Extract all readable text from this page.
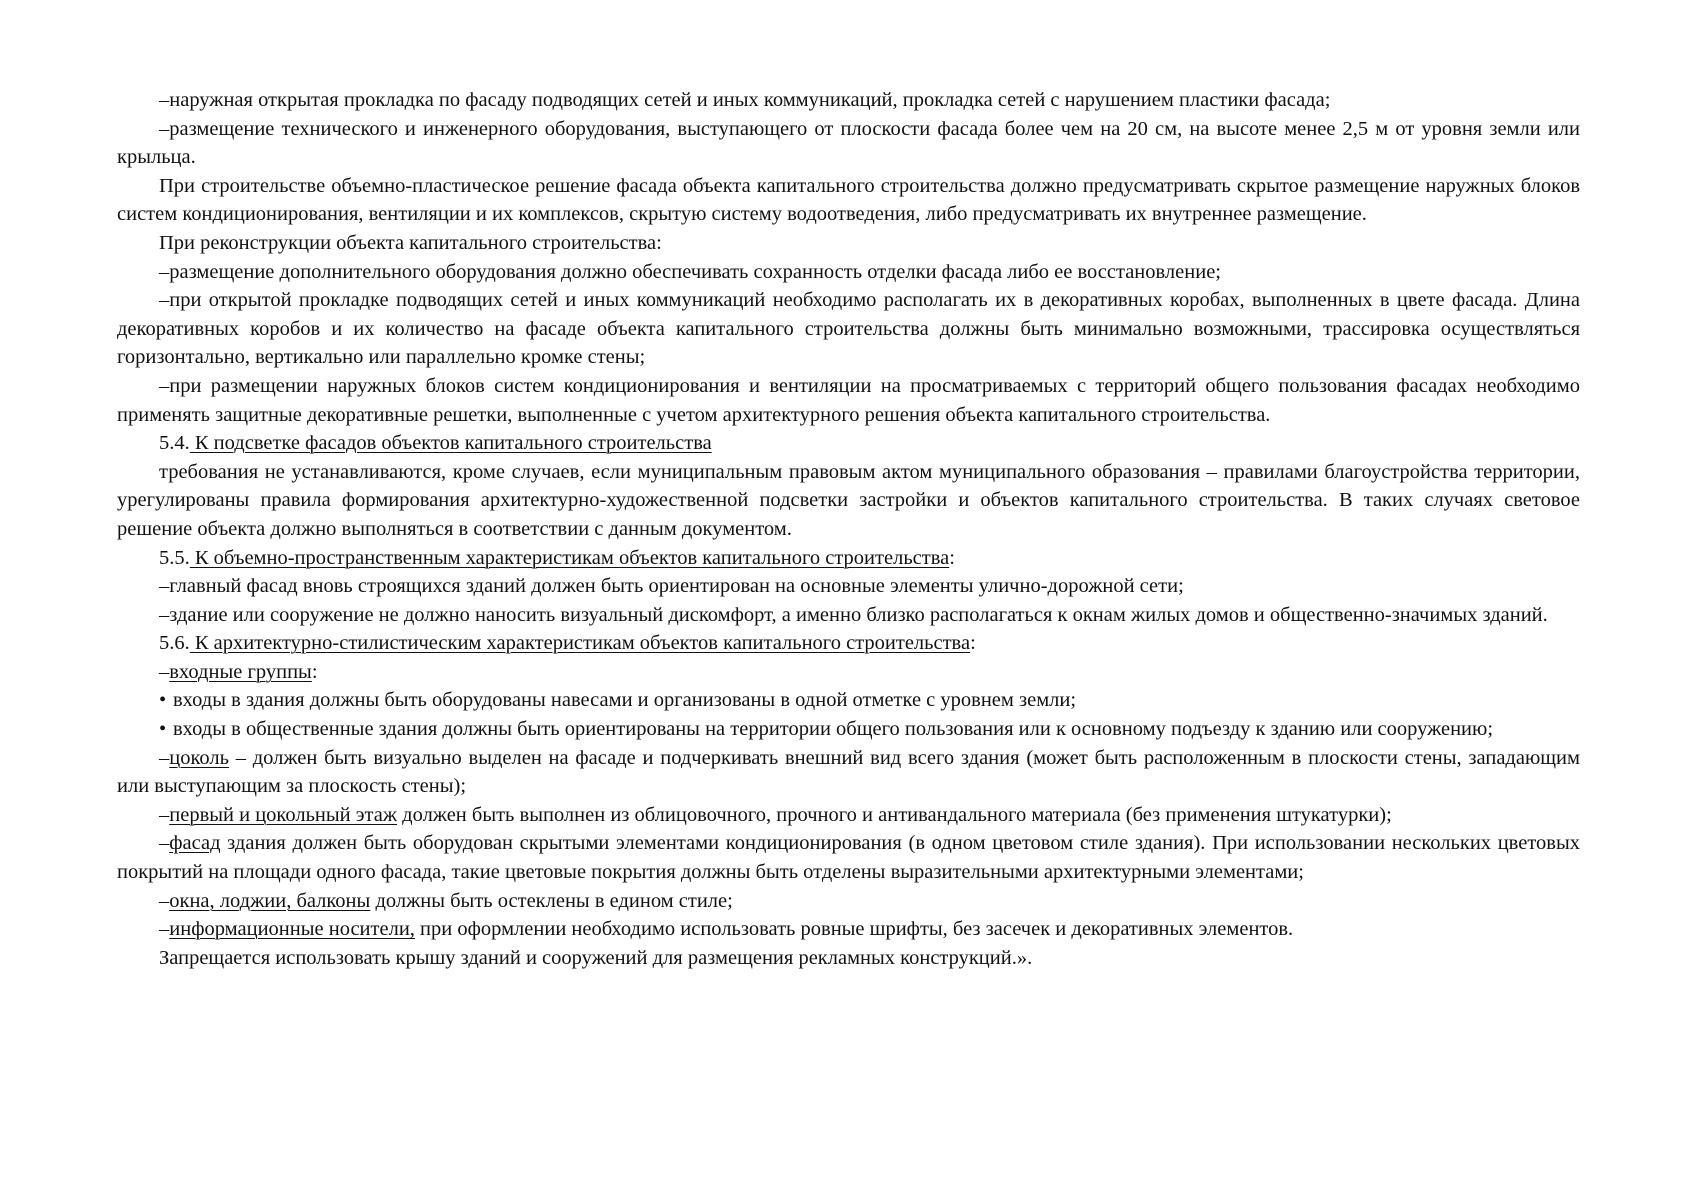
–наружная открытая прокладка по фасаду подводящих сетей и иных коммуникаций, прокладка сетей с нарушением пластики фасада;

–размещение технического и инженерного оборудования, выступающего от плоскости фасада более чем на 20 см, на высоте менее 2,5 м от уровня земли или крыльца.

При строительстве объемно-пластическое решение фасада объекта капитального строительства должно предусматривать скрытое размещение наружных блоков систем кондиционирования, вентиляции и их комплексов, скрытую систему водоотведения, либо предусматривать их внутреннее размещение.

При реконструкции объекта капитального строительства:

–размещение дополнительного оборудования должно обеспечивать сохранность отделки фасада либо ее восстановление;

–при открытой прокладке подводящих сетей и иных коммуникаций необходимо располагать их в декоративных коробах, выполненных в цвете фасада. Длина декоративных коробов и их количество на фасаде объекта капитального строительства должны быть минимально возможными, трассировка осуществляться горизонтально, вертикально или параллельно кромке стены;

–при размещении наружных блоков систем кондиционирования и вентиляции на просматриваемых с территорий общего пользования фасадах необходимо применять защитные декоративные решетки, выполненные с учетом архитектурного решения объекта капитального строительства.

5.4. К подсветке фасадов объектов капитального строительства

требования не устанавливаются, кроме случаев, если муниципальным правовым актом муниципального образования – правилами благоустройства территории, урегулированы правила формирования архитектурно-художественной подсветки застройки и объектов капитального строительства. В таких случаях световое решение объекта должно выполняться в соответствии с данным документом.

5.5. К объемно-пространственным характеристикам объектов капитального строительства:

–главный фасад вновь строящихся зданий должен быть ориентирован на основные элементы улично-дорожной сети;

–здание или сооружение не должно наносить визуальный дискомфорт, а именно близко располагаться к окнам жилых домов и общественно-значимых зданий.

5.6. К архитектурно-стилистическим характеристикам объектов капитального строительства:

–входные группы:

• входы в здания должны быть оборудованы навесами и организованы в одной отметке с уровнем земли;

• входы в общественные здания должны быть ориентированы на территории общего пользования или к основному подъезду к зданию или сооружению;

–цоколь – должен быть визуально выделен на фасаде и подчеркивать внешний вид всего здания (может быть расположенным в плоскости стены, западающим или выступающим за плоскость стены);

–первый и цокольный этаж должен быть выполнен из облицовочного, прочного и антивандального материала (без применения штукатурки);

–фасад здания должен быть оборудован скрытыми элементами кондиционирования (в одном цветовом стиле здания). При использовании нескольких цветовых покрытий на площади одного фасада, такие цветовые покрытия должны быть отделены выразительными архитектурными элементами;

–окна, лоджии, балконы должны быть остеклены в едином стиле;

–информационные носители, при оформлении необходимо использовать ровные шрифты, без засечек и декоративных элементов.

Запрещается использовать крышу зданий и сооружений для размещения рекламных конструкций.».
